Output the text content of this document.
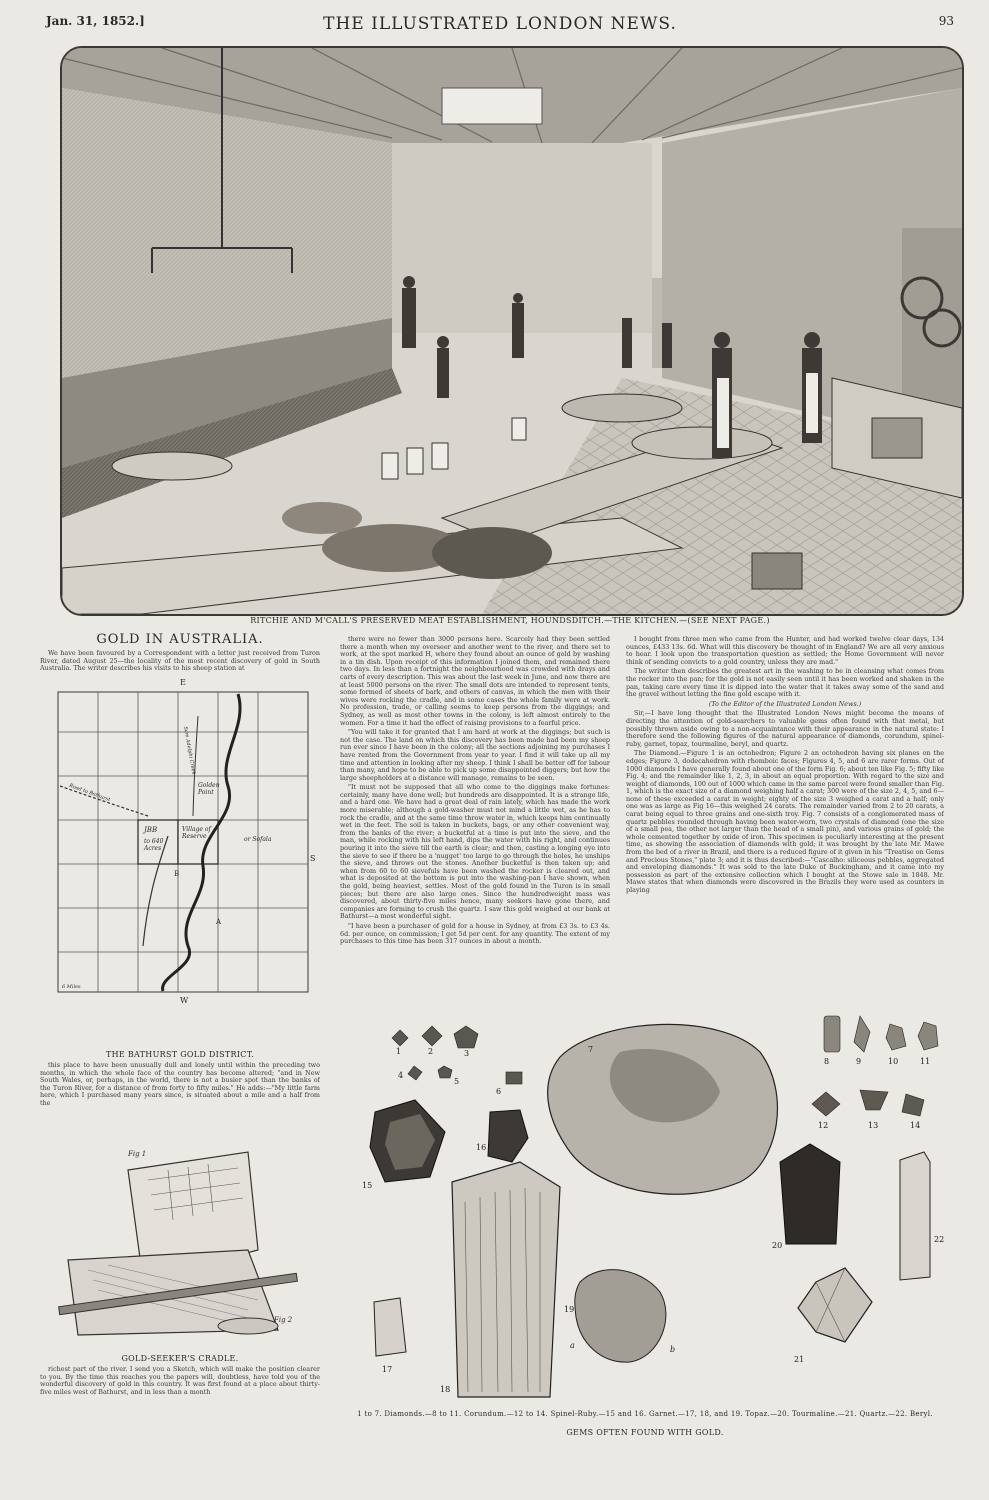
THE ILLUSTRATED LONDON NEWS.
Jan. 31, 1852.]	93
RITCHIE AND M'CALL'S PRESERVED MEAT ESTABLISHMENT, HOUNDSDITCH.—THE KITCHEN.—(SEE NEXT PAGE.)
GOLD IN AUSTRALIA.

We have been favoured by a Correspondent with a letter just received from Turon River, dated August 25—the locality of the most recent discovery of gold in South Australia. The writer describes his visits to his sheep station at

E
W
S
Golden Point
JBB
to 640 Acres
Village of Reserve	or Sofala
Sam Adelphi Creek
Road to Bathurst
A
B
6 Miles
THE BATHURST GOLD DISTRICT.

this place to have been unusually dull and lonely until within the preceding two months, in which the whole face of the country has become altered; "and in New South Wales, or, perhaps, in the world, there is not a busier spot than the banks of the Turon River, for a distance of from forty to fifty miles." He adds:—"My little farm here, which I purchased many years since, is situated about a mile and a half from the

Fig 1
Fig 2
GOLD-SEEKER'S CRADLE.

richest part of the river. I send you a Sketch, which will make the position clearer to you. By the time this reaches you the papers will, doubtless, have told you of the wonderful discovery of gold in this country. It was first found at a place about thirty-five miles west of Bathurst, and in less than a month

there were no fewer than 3000 persons here. Scarcely had they been settled there a month when my overseer and another went to the river, and there set to work, at the spot marked H, where they found about an ounce of gold by washing in a tin dish. Upon receipt of this information I joined them, and remained there two days. In less than a fortnight the neighbourhood was crowded with drays and carts of every description. This was about the last week in June, and now there are at least 5000 persons on the river. The small dots are intended to represent tents, some formed of sheets of bark, and others of canvas, in which the men with their wives were rocking the cradle, and in some cases the whole family were at work. No profession, trade, or calling seems to keep persons from the diggings; and Sydney, as well as most other towns in the colony, is left almost entirely to the women. For a time it had the effect of raising provisions to a fearful price.

"You will take it for granted that I am hard at work at the diggings; but such is not the case. The land on which this discovery has been made had been my sheep run ever since I have been in the colony; all the sections adjoining my purchases I have rented from the Government from year to year. I find it will take up all my time and attention in looking after my sheep. I think I shall be better off for labour than many, and hope to be able to pick up some disappointed diggers; but how the large sheepholders at a distance will manage, remains to be seen.

"It must not be supposed that all who come to the diggings make fortunes: certainly, many have done well; but hundreds are disappointed. It is a strange life, and a hard one. We have had a great deal of rain lately, which has made the work more miserable; although a gold-washer must not mind a little wet, as he has to rock the cradle, and at the same time throw water in, which keeps him continually wet in the feet. The soil is taken in buckets, bags, or any other convenient way, from the banks of the river; a bucketful at a time is put into the sieve, and the man, while rocking with his left hand, dips the water with his right, and continues pouring it into the sieve till the earth is clear; and then, casting a longing eye into the sieve to see if there be a 'nugget' too large to go through the holes, he unships the sieve, and throws out the stones. Another bucketful is then taken up; and when from 60 to 60 sievefuls have been washed the rocker is cleared out, and what is deposited at the bottom is put into the washing-pan I have shown, when the gold, being heaviest, settles. Most of the gold found in the Turon is in small pieces; but there are also large ones. Since the hundredweight mass was discovered, about thirty-five miles hence, many seekers have gone there, and companies are forming to crush the quartz. I saw this gold weighed at our bank at Bathurst—a most wonderful sight.

"I have been a purchaser of gold for a house in Sydney, at from £3 3s. to £3 4s. 6d. per ounce, on commission; I get 5d per cent. for any quantity. The extent of my purchases to this time has been 317 ounces in about a month.

I bought from three men who came from the Hunter, and had worked twelve clear days, 134 ounces, £433 13s. 6d. What will this discovery be thought of in England? We are all very anxious to hear. I look upon the transportation question as settled; the Home Government will never think of sending convicts to a gold country, unless they are mad."

The writer then describes the greatest art in the washing to be in cleansing what comes from the rocker into the pan; for the gold is not easily seen until it has been worked and shaken in the pan, taking care every time it is dipped into the water that it takes away some of the sand and the gravel without letting the fine gold escape with it.

(To the Editor of the Illustrated London News.)

Sir,—I have long thought that the Illustrated London News might become the means of directing the attention of gold-searchers to valuable gems often found with that metal, but possibly thrown aside owing to a non-acquaintance with their appearance in the natural state: I therefore send the following figures of the natural appearance of diamonds, corundum, spinel-ruby, garnet, topaz, tourmaline, beryl, and quartz.

The Diamond.—Figure 1 is an octohedron; Figure 2 an octohedron having six planes on the edges; Figure 3, dodecahedron with rhomboic faces; Figures 4, 5, and 6 are rarer forms. Out of 1000 diamonds I have generally found about one of the form Fig. 6; about ten like Fig. 5; fifty like Fig. 4; and the remainder like 1, 2, 3, in about an equal proportion. With regard to the size and weight of diamonds, 100 out of 1000 which came in the same parcel were found smaller than Fig. 1, which is the exact size of a diamond weighing half a carat; 300 were of the size 2, 4, 5, and 6—none of these exceeded a carat in weight; eighty of the size 3 weighed a carat and a half; only one was as large as Fig 16—this weighed 24 carats. The remainder varied from 2 to 20 carats, a carat being equal to three grains and one-sixth troy. Fig. 7 consists of a conglomerated mass of quartz pebbles rounded through having been water-worn, two crystals of diamond (one the size of a small pea, the other not larger than the head of a small pin), and various grains of gold; the whole cemented together by oxide of iron. This specimen is peculiarly interesting at the present time, as showing the association of diamonds with gold; it was brought by the late Mr. Mawe from the bed of a river in Brazil, and there is a reduced figure of it given in his "Treatise on Gems and Precious Stones," plate 3; and it is thus described:—"Cascalho: siliceous pebbles, aggregated and enveloping diamonds." It was sold to the late Duke of Buckingham, and it came into my possession as part of the extensive collection which I bought at the Stowe sale in 1848. Mr. Mawe states that when diamonds were discovered in the Brazils they were used as counters in playing

1	2	3
4
5
6
7
8	9	10	11
12	13	14
15
16
17
18
19
20
21
22
a	b
1 to 7. Diamonds.—8 to 11. Corundum.—12 to 14. Spinel-Ruby.—15 and 16. Garnet.—17, 18, and 19. Topaz.—20. Tourmaline.—21. Quartz.—22. Beryl.
GEMS OFTEN FOUND WITH GOLD.
